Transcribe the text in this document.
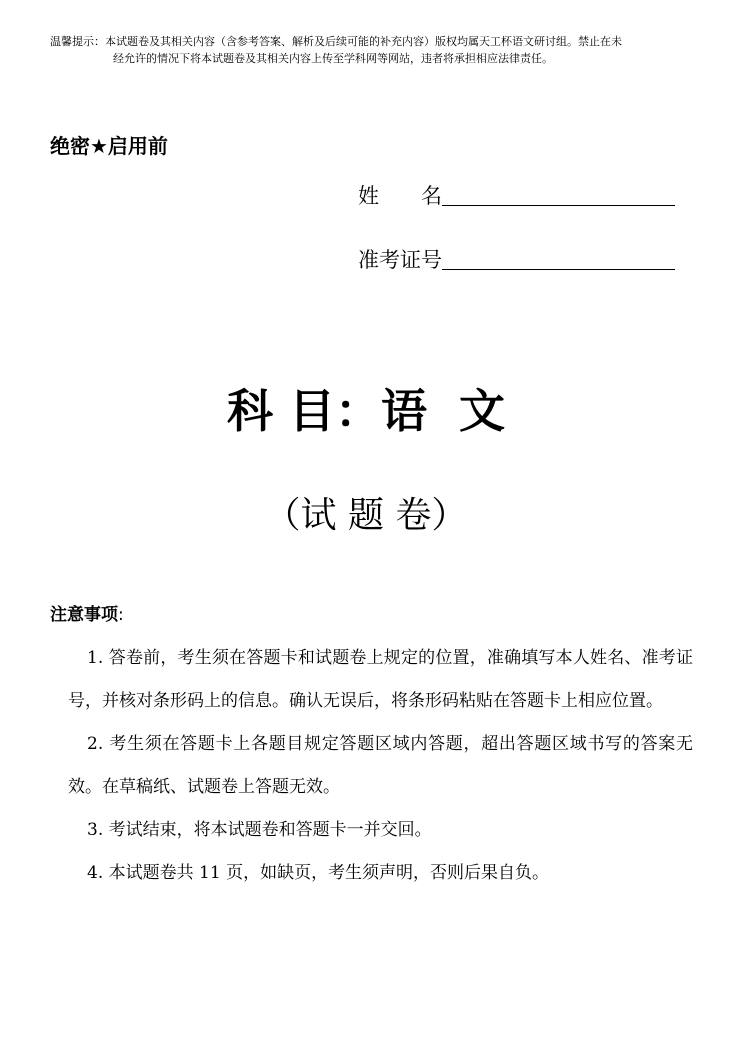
温馨提示：本试题卷及其相关内容（含参考答案、解析及后续可能的补充内容）版权均属天工杯语文研讨组。禁止在未
经允许的情况下将本试题卷及其相关内容上传至学科网等网站，违者将承担相应法律责任。
绝密★启用前
姓　　名
准考证号
科 目：语  文
（试 题 卷）
注意事项:

1. 答卷前，考生须在答题卡和试题卷上规定的位置，准确填写本人姓名、准考证号，并核对条形码上的信息。确认无误后，将条形码粘贴在答题卡上相应位置。

2. 考生须在答题卡上各题目规定答题区域内答题，超出答题区域书写的答案无效。在草稿纸、试题卷上答题无效。

3. 考试结束，将本试题卷和答题卡一并交回。

4. 本试题卷共 11 页，如缺页，考生须声明，否则后果自负。
